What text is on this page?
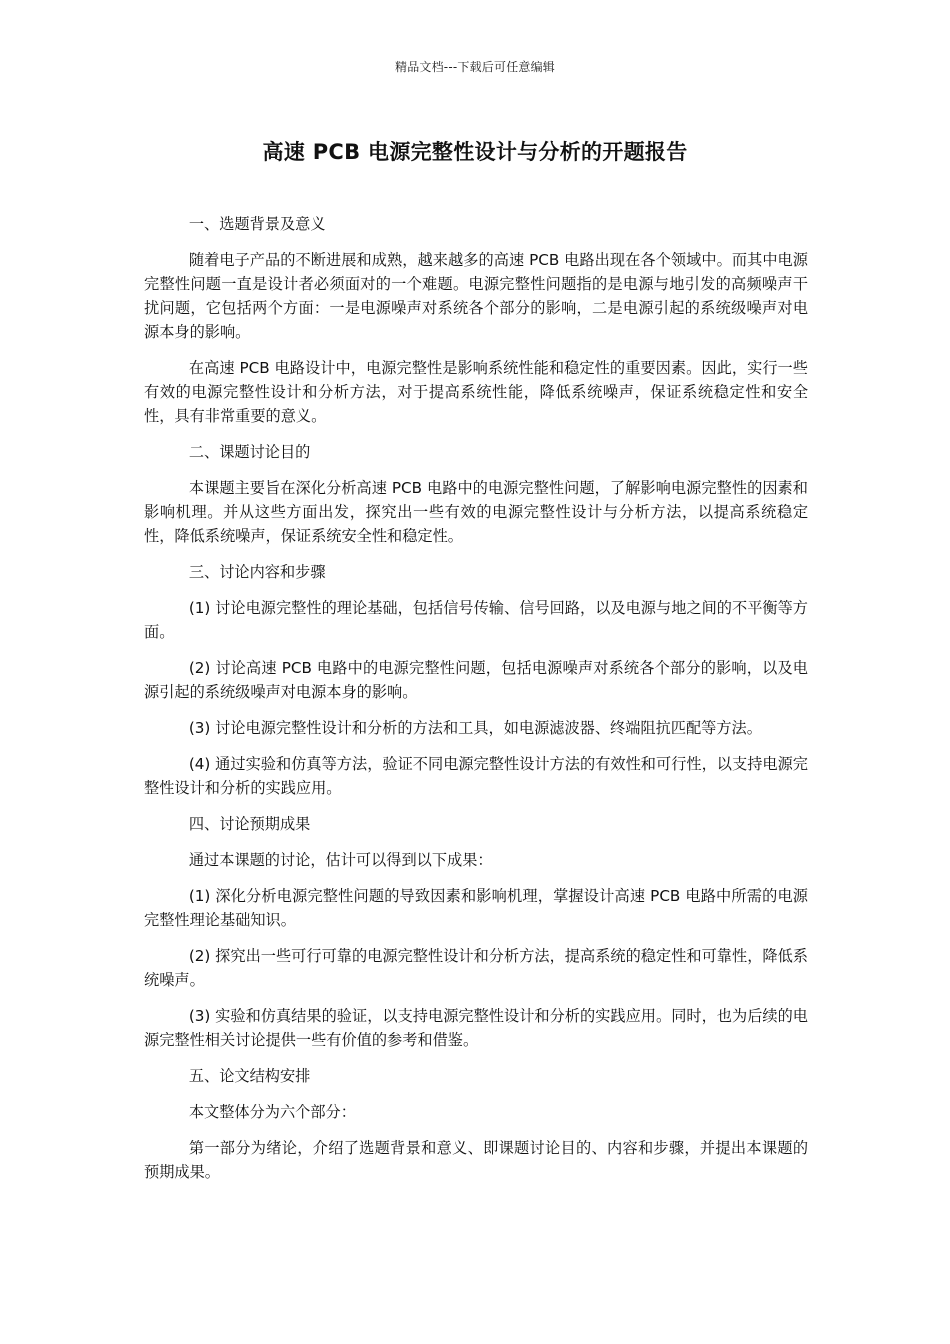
精品文档---下载后可任意编辑
高速 PCB 电源完整性设计与分析的开题报告

一、选题背景及意义

随着电子产品的不断进展和成熟，越来越多的高速 PCB 电路出现在各个领域中。而其中电源完整性问题一直是设计者必须面对的一个难题。电源完整性问题指的是电源与地引发的高频噪声干扰问题，它包括两个方面：一是电源噪声对系统各个部分的影响，二是电源引起的系统级噪声对电源本身的影响。

在高速 PCB 电路设计中，电源完整性是影响系统性能和稳定性的重要因素。因此，实行一些有效的电源完整性设计和分析方法，对于提高系统性能，降低系统噪声，保证系统稳定性和安全性，具有非常重要的意义。

二、课题讨论目的

本课题主要旨在深化分析高速 PCB 电路中的电源完整性问题，了解影响电源完整性的因素和影响机理。并从这些方面出发，探究出一些有效的电源完整性设计与分析方法，以提高系统稳定性，降低系统噪声，保证系统安全性和稳定性。

三、讨论内容和步骤

(1) 讨论电源完整性的理论基础，包括信号传输、信号回路，以及电源与地之间的不平衡等方面。

(2) 讨论高速 PCB 电路中的电源完整性问题，包括电源噪声对系统各个部分的影响，以及电源引起的系统级噪声对电源本身的影响。

(3) 讨论电源完整性设计和分析的方法和工具，如电源滤波器、终端阻抗匹配等方法。

(4) 通过实验和仿真等方法，验证不同电源完整性设计方法的有效性和可行性，以支持电源完整性设计和分析的实践应用。

四、讨论预期成果

通过本课题的讨论，估计可以得到以下成果：

(1) 深化分析电源完整性问题的导致因素和影响机理，掌握设计高速 PCB 电路中所需的电源完整性理论基础知识。

(2) 探究出一些可行可靠的电源完整性设计和分析方法，提高系统的稳定性和可靠性，降低系统噪声。

(3) 实验和仿真结果的验证，以支持电源完整性设计和分析的实践应用。同时，也为后续的电源完整性相关讨论提供一些有价值的参考和借鉴。

五、论文结构安排

本文整体分为六个部分：

第一部分为绪论，介绍了选题背景和意义、即课题讨论目的、内容和步骤，并提出本课题的预期成果。
